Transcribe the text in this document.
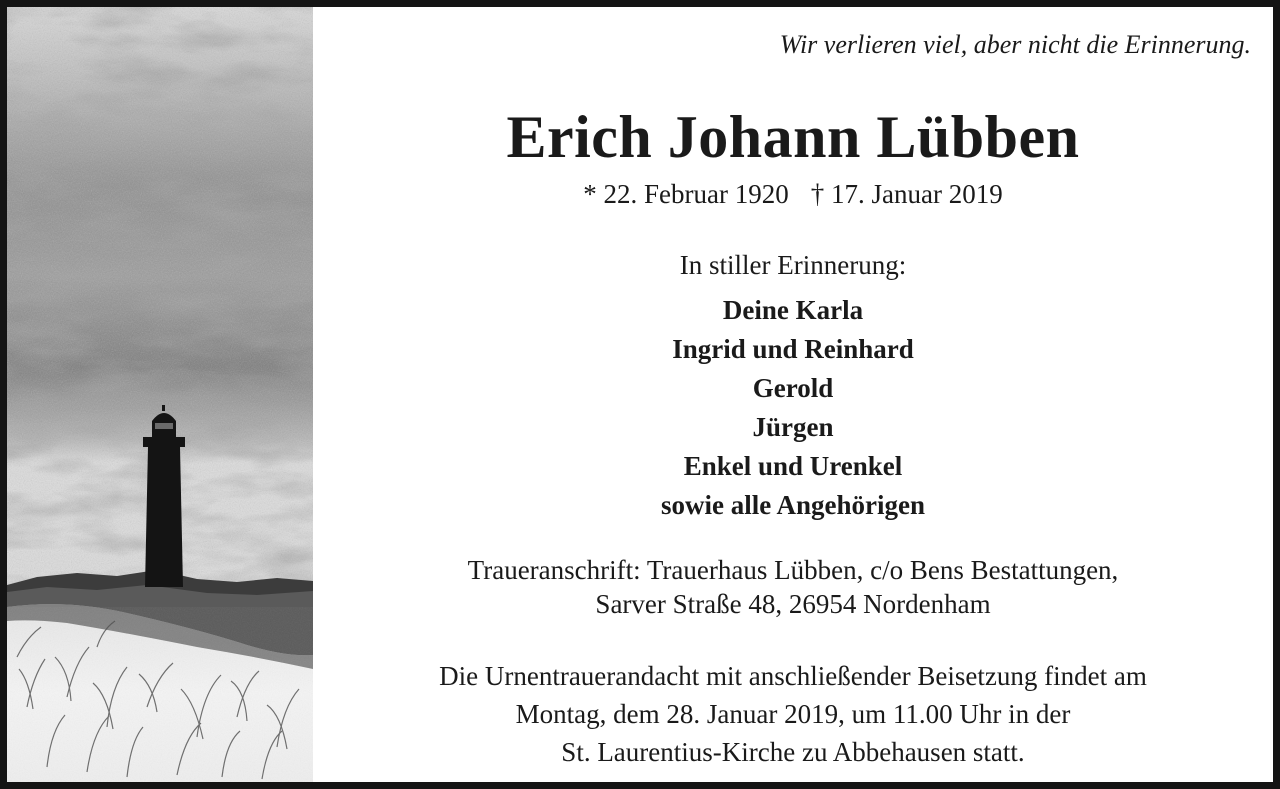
Wir verlieren viel, aber nicht die Erinnerung.
Erich Johann Lübben
* 22. Februar 1920 † 17. Januar 2019
In stiller Erinnerung:
Deine Karla
Ingrid und Reinhard
Gerold
Jürgen
Enkel und Urenkel
sowie alle Angehörigen
Traueranschrift: Trauerhaus Lübben, c/o Bens Bestattungen,
Sarver Straße 48, 26954 Nordenham
Die Urnentrauerandacht mit anschließender Beisetzung findet am
Montag, dem 28. Januar 2019, um 11.00 Uhr in der
St. Laurentius-Kirche zu Abbehausen statt.
